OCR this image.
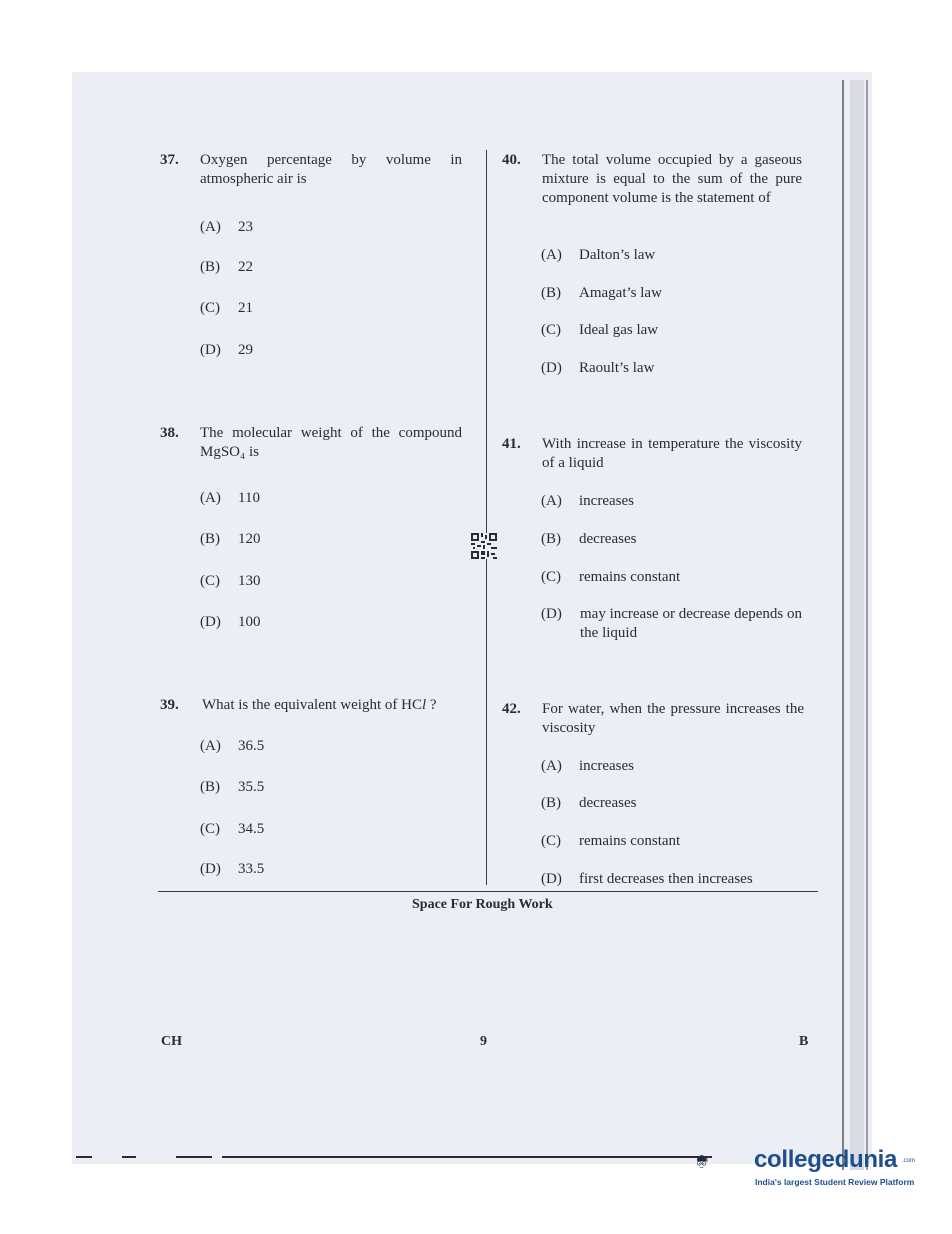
37. Oxygen percentage by volume in atmospheric air is
(A) 23
(B) 22
(C) 21
(D) 29
38. The molecular weight of the compound MgSO₄ is
(A) 110
(B) 120
(C) 130
(D) 100
39. What is the equivalent weight of HCl ?
(A) 36.5
(B) 35.5
(C) 34.5
(D) 33.5
40. The total volume occupied by a gaseous mixture is equal to the sum of the pure component volume is the statement of
(A) Dalton’s law
(B) Amagat’s law
(C) Ideal gas law
(D) Raoult’s law
41. With increase in temperature the viscosity of a liquid
(A) increases
(B) decreases
(C) remains constant
(D) may increase or decrease depends on the liquid
42. For water, when the pressure increases the viscosity
(A) increases
(B) decreases
(C) remains constant
(D) first decreases then increases
Space For Rough Work
CH	9	B
collegedunia .com
India's largest Student Review Platform
